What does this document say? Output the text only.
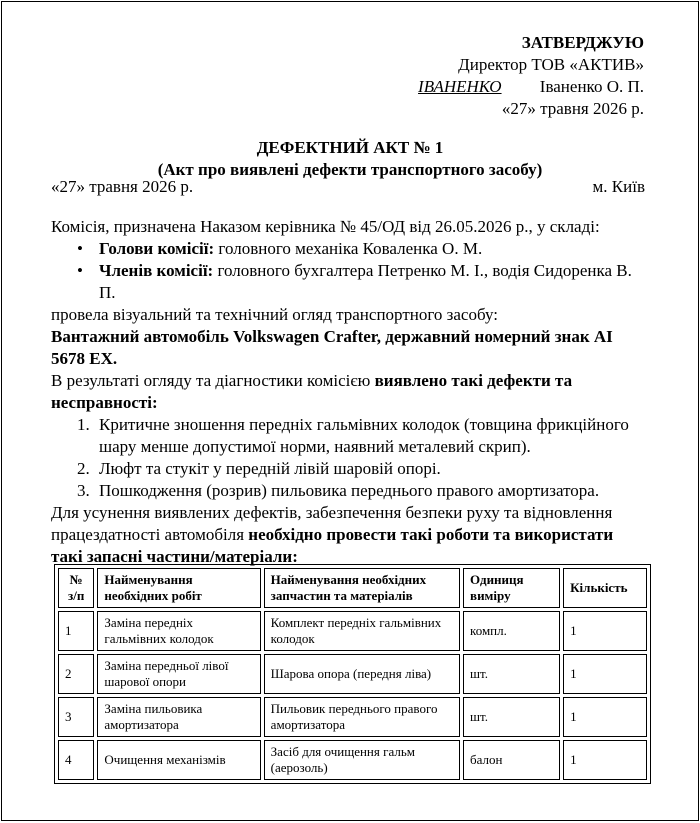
ЗАТВЕРДЖУЮ
Директор ТОВ «АКТИВ»
ІВАНЕНКО Іваненко О. П.
«27» травня 2026 р.
ДЕФЕКТНИЙ АКТ № 1
(Акт про виявлені дефекти транспортного засобу)
«27» травня 2026 р.	м. Київ

Комісія, призначена Наказом керівника № 45/ОД від 26.05.2026 р., у складі:

• Голови комісії: головного механіка Коваленка О. М.
• Членів комісії: головного бухгалтера Петренко М. І., водія Сидоренка В. П.

провела візуальний та технічний огляд транспортного засобу:

Вантажний автомобіль Volkswagen Crafter, державний номерний знак АІ 5678 ЕХ.

В результаті огляду та діагностики комісією виявлено такі дефекти та несправності:

1. Критичне зношення передніх гальмівних колодок (товщина фрикційного шару менше допустимої норми, наявний металевий скрип).
2. Люфт та стукіт у передній лівій шаровій опорі.
3. Пошкодження (розрив) пильовика переднього правого амортизатора.

Для усунення виявлених дефектів, забезпечення безпеки руху та відновлення працездатності автомобіля необхідно провести такі роботи та використати такі запасні частини/матеріали:

№ з/п	Найменування необхідних робіт	Найменування необхідних запчастин та матеріалів	Одиниця виміру	Кількість
1	Заміна передніх гальмівних колодок	Комплект передніх гальмівних колодок	компл.	1
2	Заміна передньої лівої шарової опори	Шарова опора (передня ліва)	шт.	1
3	Заміна пильовика амортизатора	Пильовик переднього правого амортизатора	шт.	1
4	Очищення механізмів	Засіб для очищення гальм (аерозоль)	балон	1
